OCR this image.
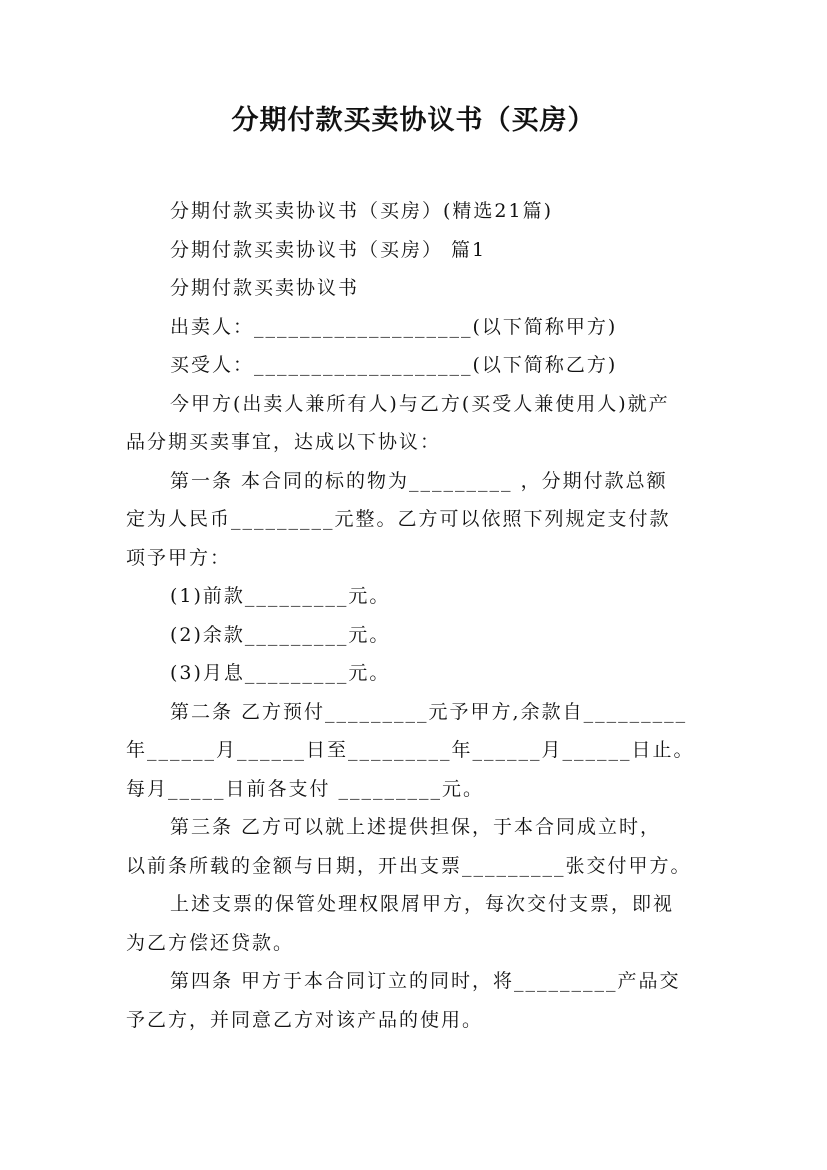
分期付款买卖协议书（买房）

分期付款买卖协议书（买房）(精选21篇)

分期付款买卖协议书（买房） 篇1

分期付款买卖协议书

出卖人：___________________(以下简称甲方)

买受人：___________________(以下简称乙方)

今甲方(出卖人兼所有人)与乙方(买受人兼使用人)就产

品分期买卖事宜，达成以下协议：

第一条 本合同的标的物为_________ ，分期付款总额

定为人民币_________元整。乙方可以依照下列规定支付款

项予甲方：

(1)前款_________元。

(2)余款_________元。

(3)月息_________元。

第二条 乙方预付_________元予甲方,余款自_________

年______月______日至_________年______月______日止。

每月_____日前各支付 _________元。

第三条 乙方可以就上述提供担保，于本合同成立时，

以前条所载的金额与日期，开出支票_________张交付甲方。

上述支票的保管处理权限屑甲方，每次交付支票，即视

为乙方偿还贷款。

第四条 甲方于本合同订立的同时，将_________产品交

予乙方，并同意乙方对该产品的使用。
